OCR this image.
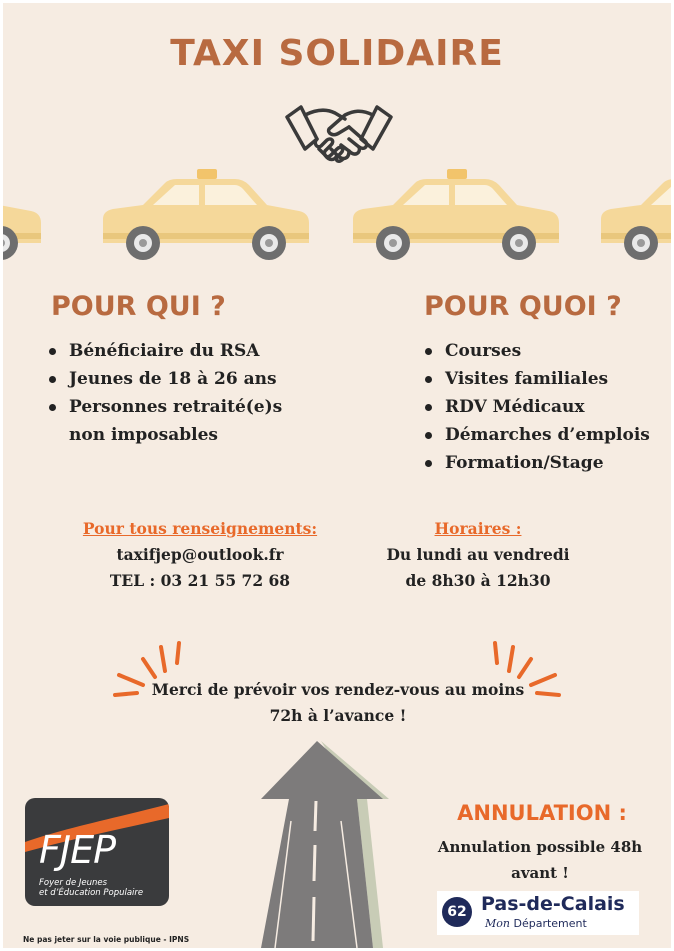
TAXI SOLIDAIRE
POUR QUI ?
Bénéficiaire du RSA
Jeunes de 18 à 26 ans
Personnes retraité(e)s non imposables
POUR QUOI ?
Courses
Visites familiales
RDV Médicaux
Démarches d’emplois
Formation/Stage
Pour tous renseignements:
taxifjep@outlook.fr
TEL : 03 21 55 72 68
Horaires :
Du lundi au vendredi
de 8h30 à 12h30
Merci de prévoir vos rendez-vous au moins
72h à l’avance !
FJEP
Foyer de Jeunes
et d’Éducation Populaire
ANNULATION :
Annulation possible 48h
avant !
62 Pas-de-Calais
Mon Département
Ne pas jeter sur la voie publique - IPNS
